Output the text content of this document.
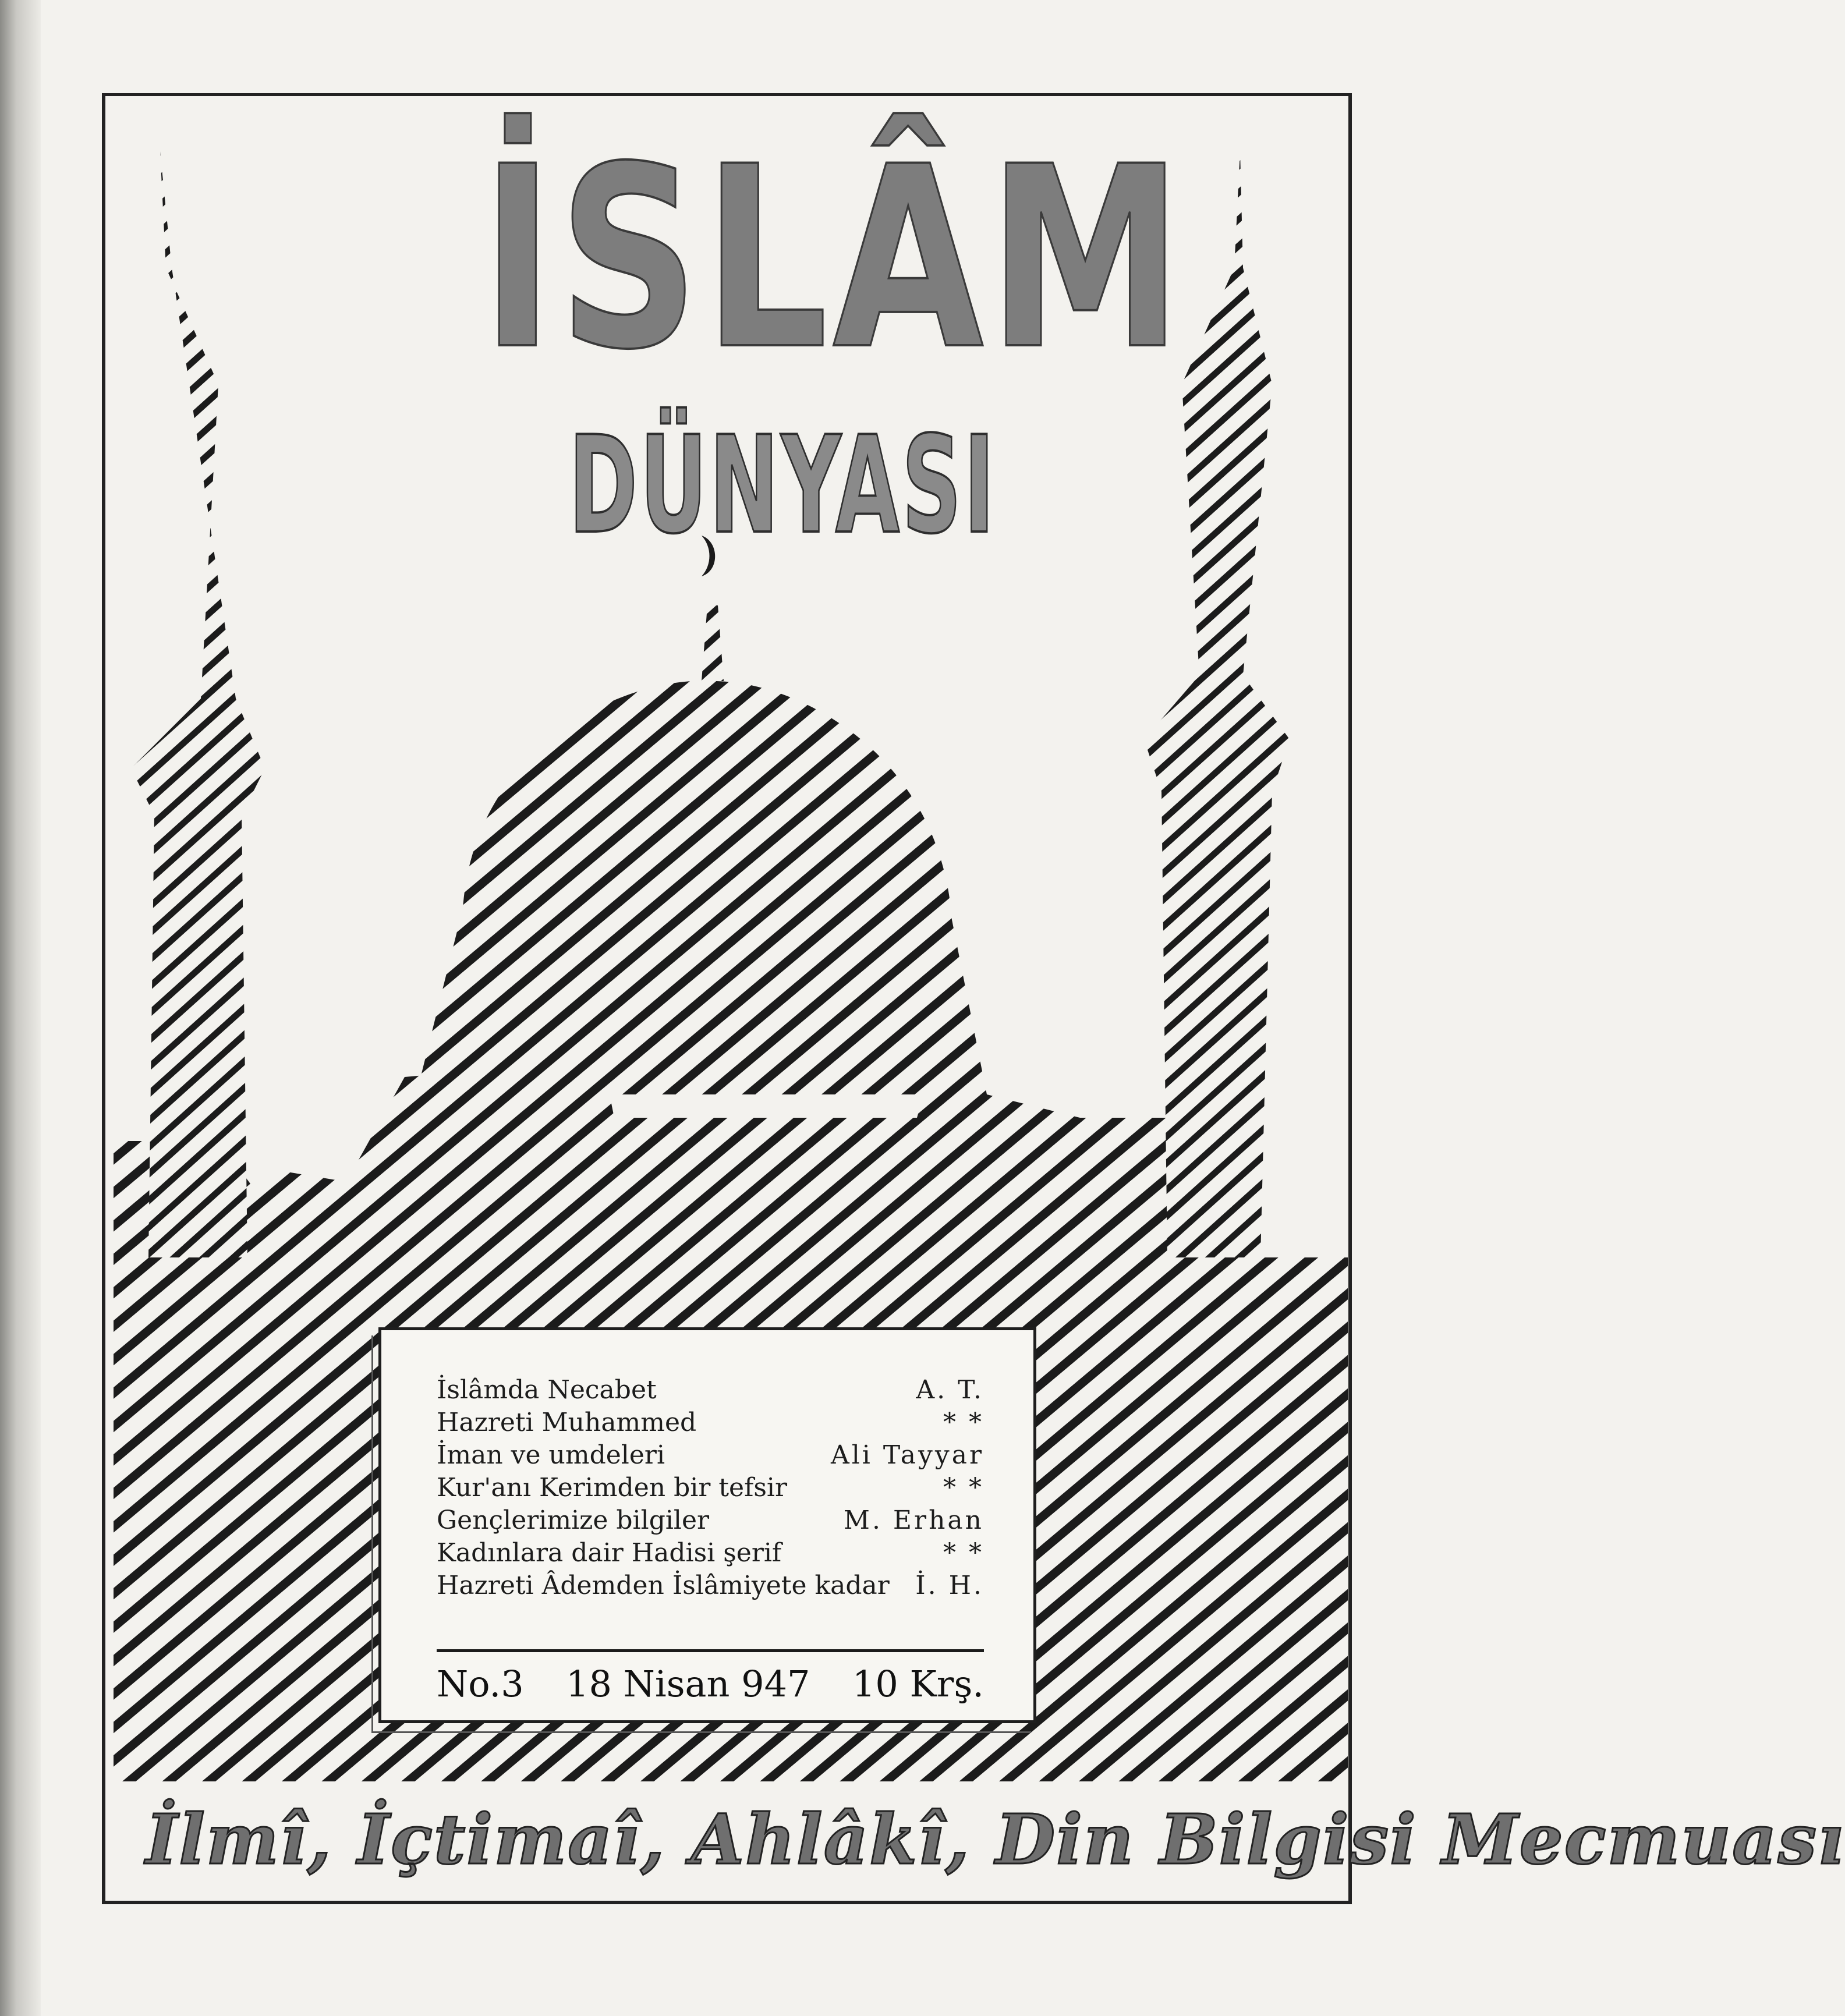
İSLÂM
DÜNYASI
İslâmda Necabet	A. T.
Hazreti Muhammed	* *
İman ve umdeleri	Ali Tayyar
Kur'anı Kerimden bir tefsir	* *
Gençlerimize bilgiler	M. Erhan
Kadınlara dair Hadisi şerif	* *
Hazreti Âdemden İslâmiyete kadar İ. H.
No.3 18 Nisan 947 10 Krş.
İlmî, İçtimaî, Ahlâkî, Din Bilgisi Mecmuası
